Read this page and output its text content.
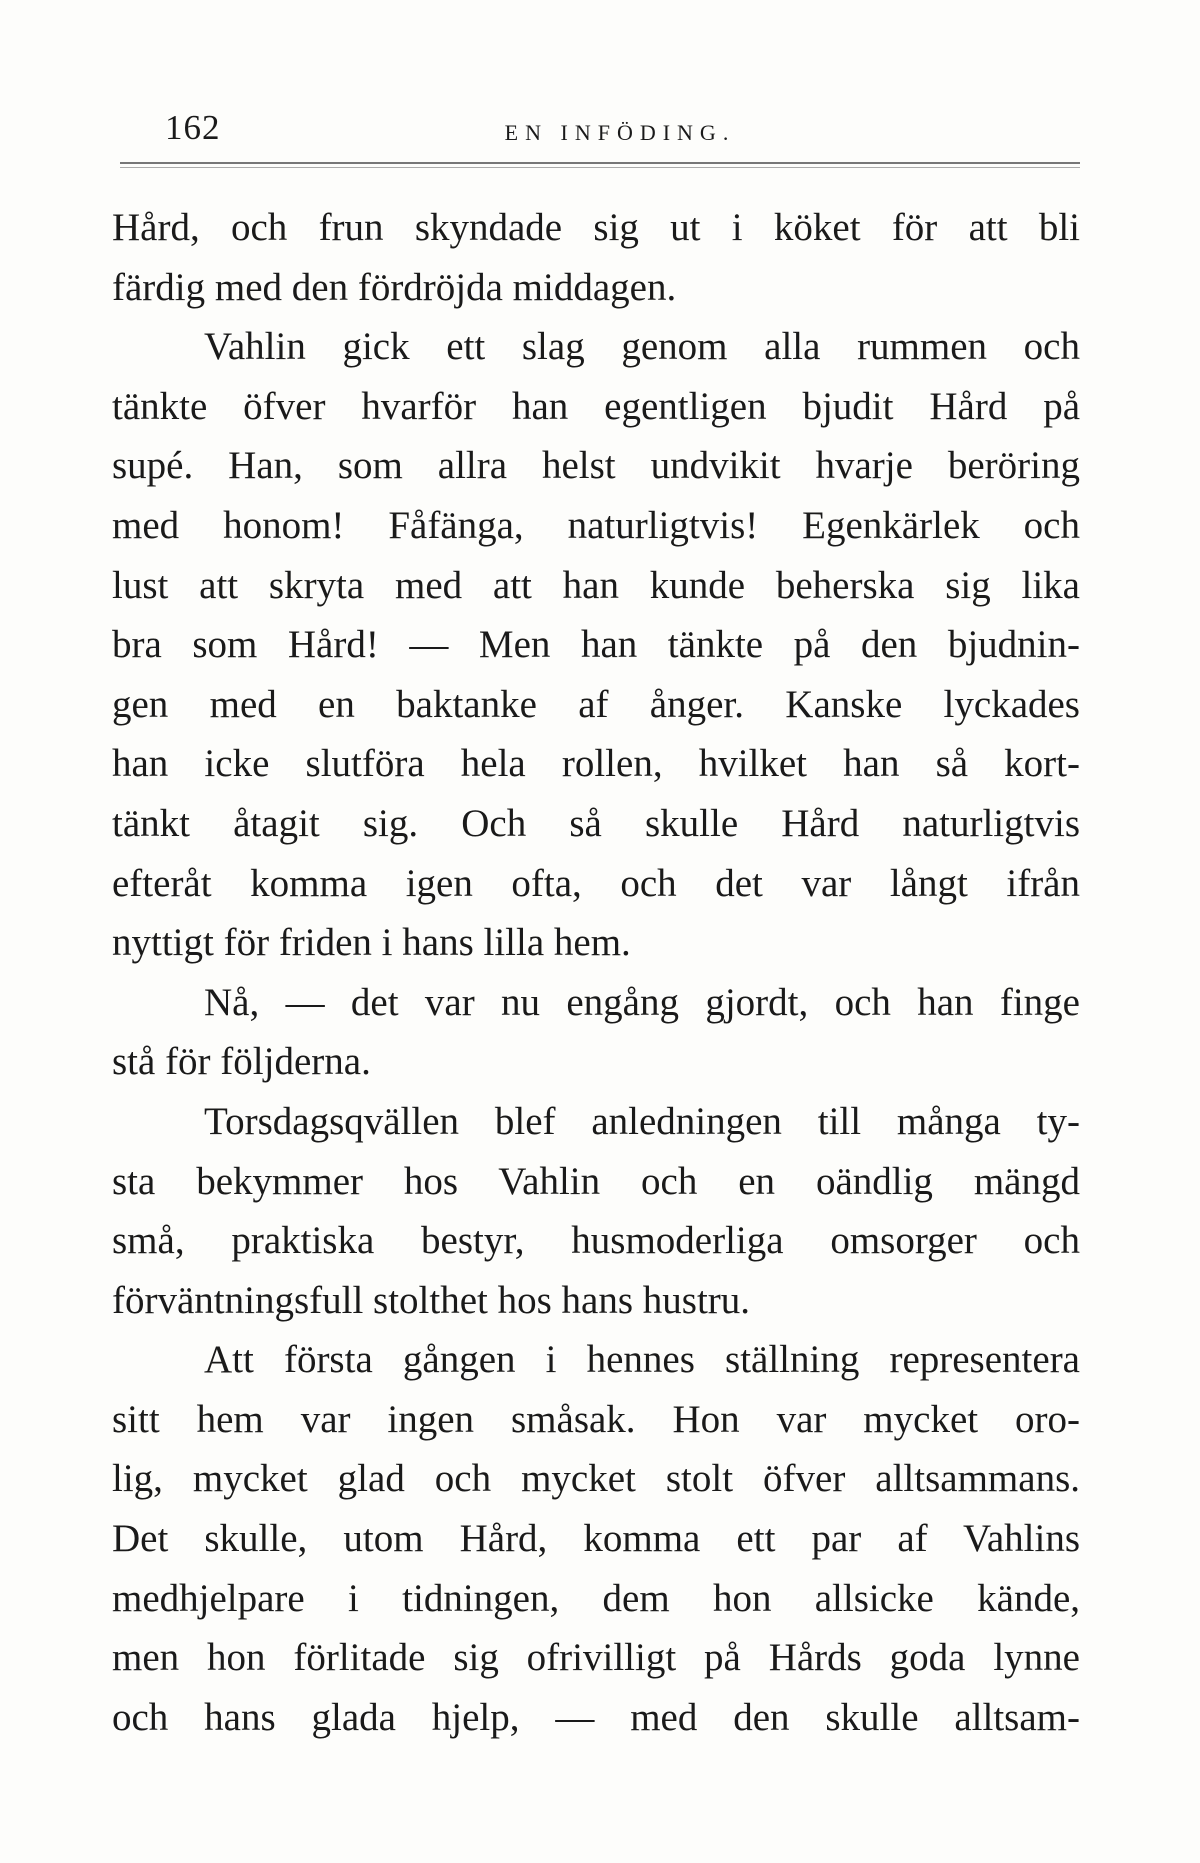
162	EN INFÖDING.
Hård, och frun skyndade sig ut i köket för att bli
färdig med den fördröjda middagen.
Vahlin gick ett slag genom alla rummen och
tänkte öfver hvarför han egentligen bjudit Hård på
supé. Han, som allra helst undvikit hvarje beröring
med honom! Fåfänga, naturligtvis! Egenkärlek och
lust att skryta med att han kunde beherska sig lika
bra som Hård! — Men han tänkte på den bjudnin-
gen med en baktanke af ånger. Kanske lyckades
han icke slutföra hela rollen, hvilket han så kort-
tänkt åtagit sig. Och så skulle Hård naturligtvis
efteråt komma igen ofta, och det var långt ifrån
nyttigt för friden i hans lilla hem.
Nå, — det var nu engång gjordt, och han finge
stå för följderna.
Torsdagsqvällen blef anledningen till många ty-
sta bekymmer hos Vahlin och en oändlig mängd
små, praktiska bestyr, husmoderliga omsorger och
förväntningsfull stolthet hos hans hustru.
Att första gången i hennes ställning representera
sitt hem var ingen småsak. Hon var mycket oro-
lig, mycket glad och mycket stolt öfver alltsammans.
Det skulle, utom Hård, komma ett par af Vahlins
medhjelpare i tidningen, dem hon allsicke kände,
men hon förlitade sig ofrivilligt på Hårds goda lynne
och hans glada hjelp, — med den skulle alltsam-
